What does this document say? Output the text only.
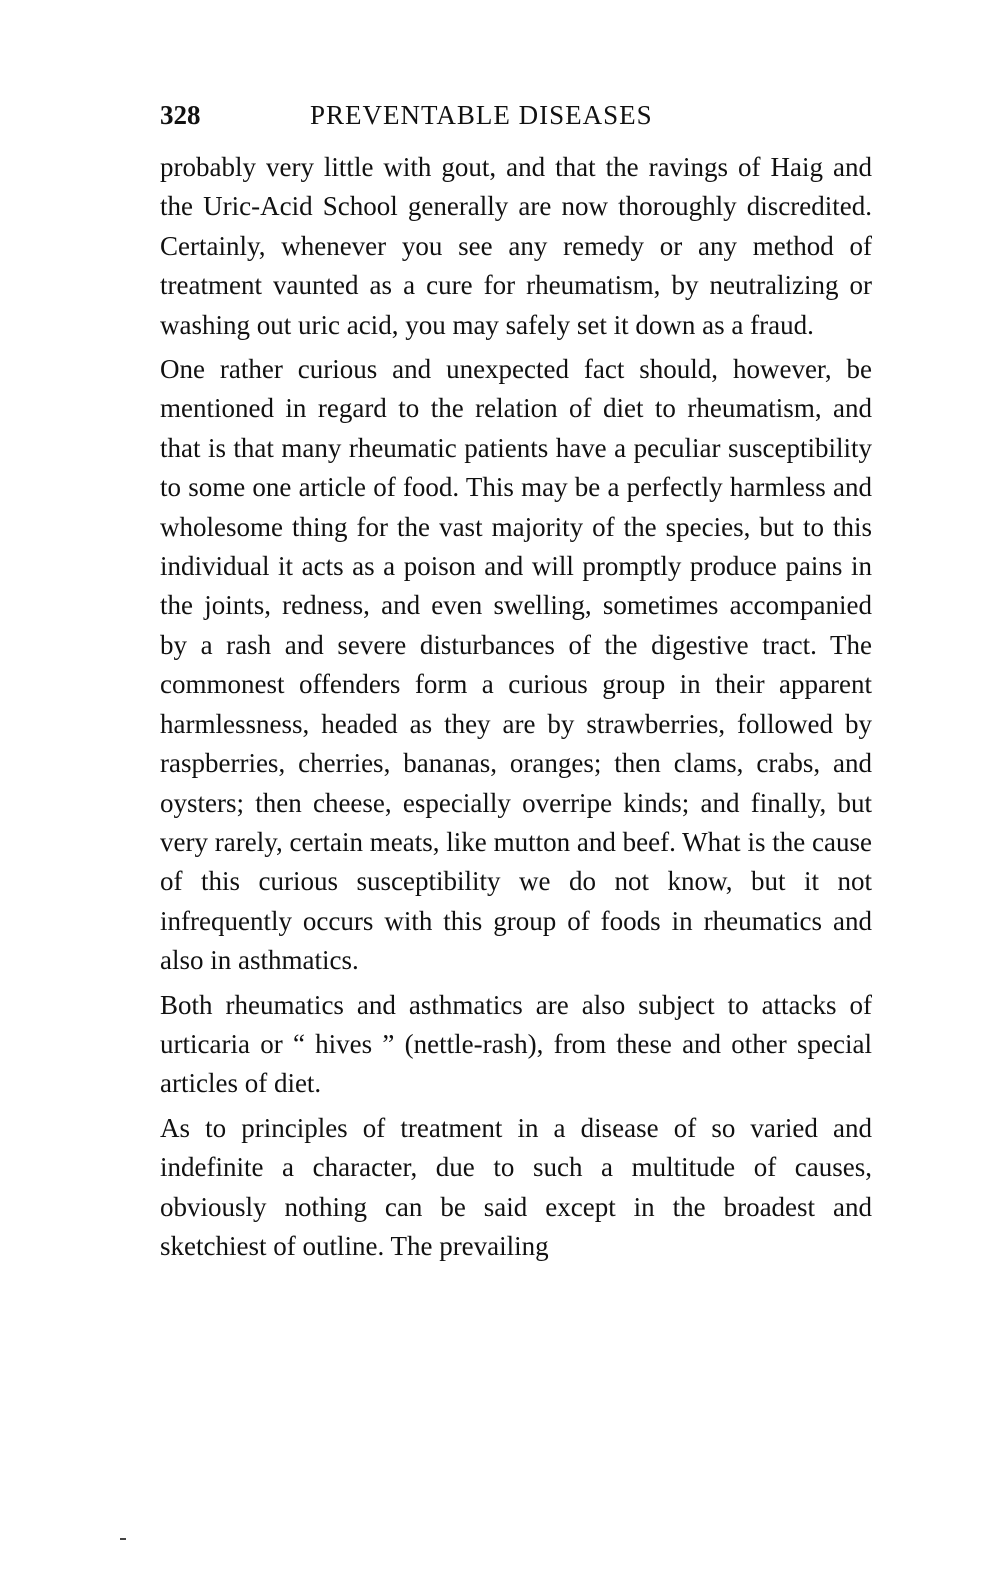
328	PREVENTABLE DISEASES

probably very little with gout, and that the ravings of Haig and the Uric-Acid School generally are now thoroughly discredited. Certainly, whenever you see any remedy or any method of treatment vaunted as a cure for rheumatism, by neutralizing or washing out uric acid, you may safely set it down as a fraud.

One rather curious and unexpected fact should, however, be mentioned in regard to the relation of diet to rheumatism, and that is that many rheumatic patients have a peculiar susceptibility to some one article of food. This may be a perfectly harmless and wholesome thing for the vast majority of the species, but to this individual it acts as a poison and will promptly produce pains in the joints, redness, and even swelling, sometimes accompanied by a rash and severe disturbances of the digestive tract. The commonest offenders form a curious group in their apparent harmlessness, headed as they are by strawberries, followed by raspberries, cherries, bananas, oranges; then clams, crabs, and oysters; then cheese, especially overripe kinds; and finally, but very rarely, certain meats, like mutton and beef. What is the cause of this curious susceptibility we do not know, but it not infrequently occurs with this group of foods in rheumatics and also in asthmatics.

Both rheumatics and asthmatics are also subject to attacks of urticaria or “ hives ” (nettle-rash), from these and other special articles of diet.

As to principles of treatment in a disease of so varied and indefinite a character, due to such a multitude of causes, obviously nothing can be said except in the broadest and sketchiest of outline. The prevailing
